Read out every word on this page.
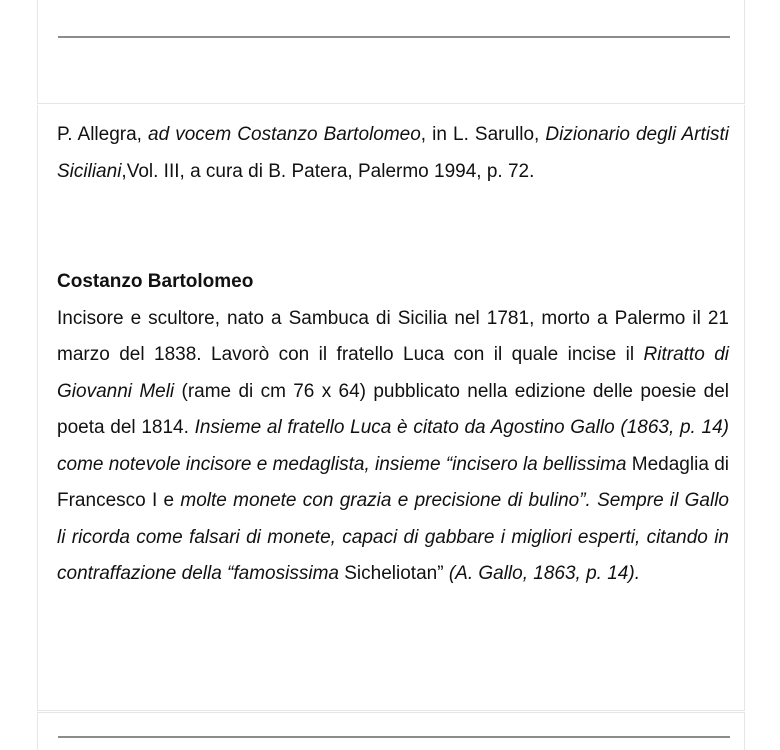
P. Allegra, ad vocem Costanzo Bartolomeo, in L. Sarullo, Dizionario degli Artisti Siciliani,Vol. III, a cura di B. Patera, Palermo 1994, p. 72.

Costanzo Bartolomeo

Incisore e scultore, nato a Sambuca di Sicilia nel 1781, morto a Palermo il 21 marzo del 1838. Lavorò con il fratello Luca con il quale incise il Ritratto di Giovanni Meli (rame di cm 76 x 64) pubblicato nella edizione delle poesie del poeta del 1814. Insieme al fratello Luca è citato da Agostino Gallo (1863, p. 14) come notevole incisore e medaglista, insieme “incisero la bellissima Medaglia di Francesco I e molte monete con grazia e precisione di bulino”. Sempre il Gallo li ricorda come falsari di monete, capaci di gabbare i migliori esperti, citando in contraffazione della “famosissima Sicheliotan” (A. Gallo, 1863, p. 14).
